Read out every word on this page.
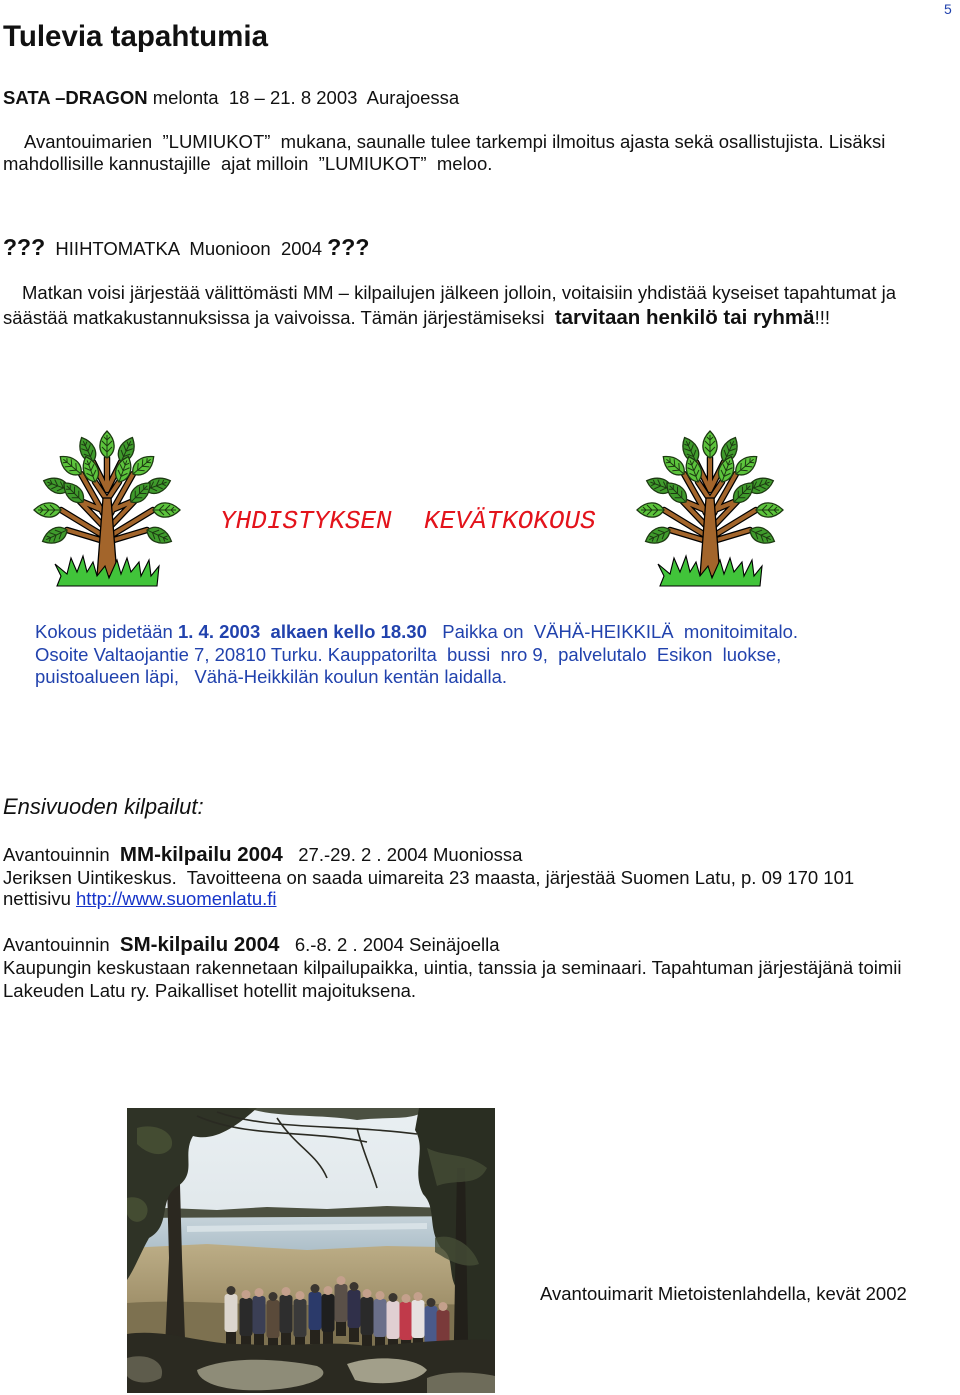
5
Tulevia tapahtumia
SATA –DRAGON melonta  18 – 21. 8 2003  Aurajoessa
Avantouimarien  ”LUMIUKOT”  mukana, saunalle tulee tarkempi ilmoitus ajasta sekä osallistujista. Lisäksi
mahdollisille kannustajille  ajat milloin  ”LUMIUKOT”  meloo.
???  HIIHTOMATKA  Muonioon  2004 ???
Matkan voisi järjestää välittömästi MM – kilpailujen jälkeen jolloin, voitaisiin yhdistää kyseiset tapahtumat ja
säästää matkakustannuksissa ja vaivoissa. Tämän järjestämiseksi  tarvitaan henkilö tai ryhmä!!!
YHDISTYKSEN KEVÄTKOKOUS
Kokous pidetään 1. 4. 2003  alkaen kello 18.30   Paikka on  VÄHÄ-HEIKKILÄ  monitoimitalo.
Osoite Valtaojantie 7, 20810 Turku. Kauppatorilta  bussi  nro 9,  palvelutalo  Esikon  luokse,
puistoalueen läpi,   Vähä-Heikkilän koulun kentän laidalla.
Ensivuoden kilpailut:
Avantouinnin  MM-kilpailu 2004   27.-29. 2 . 2004 Muoniossa
Jeriksen Uintikeskus.  Tavoitteena on saada uimareita 23 maasta, järjestää Suomen Latu, p. 09 170 101
nettisivu http://www.suomenlatu.fi
Avantouinnin  SM-kilpailu 2004   6.-8. 2 . 2004 Seinäjoella
Kaupungin keskustaan rakennetaan kilpailupaikka, uintia, tanssia ja seminaari. Tapahtuman järjestäjänä toimii
Lakeuden Latu ry. Paikalliset hotellit majoituksena.
Avantouimarit Mietoistenlahdella, kevät 2002
